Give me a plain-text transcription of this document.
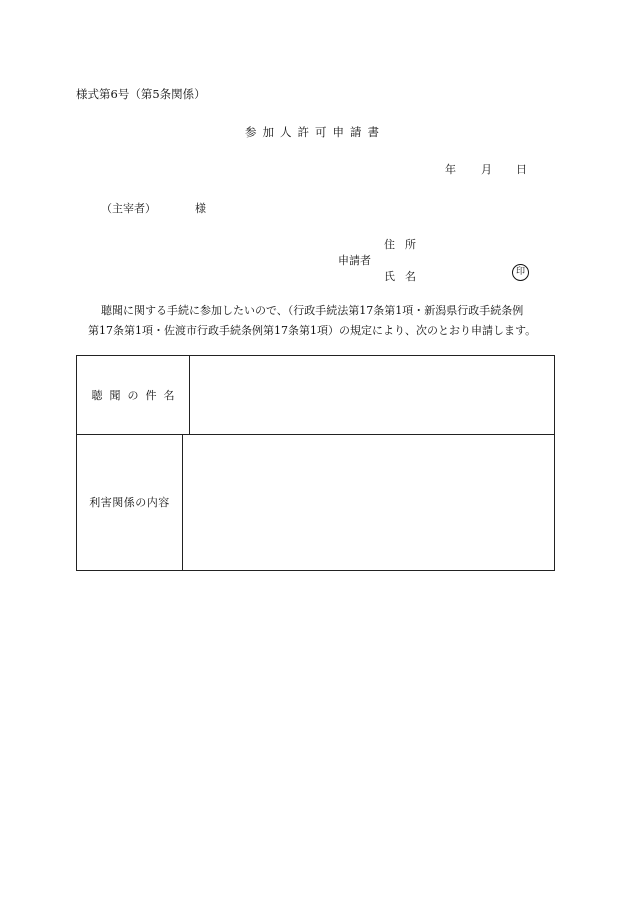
様式第6号（第5条関係）
参加人許可申請書
年 月 日
（主宰者）	様
住所
申請者
氏名	印
聴聞に関する手続に参加したいので、（行政手続法第17条第1項・新潟県行政手続条例
第17条第1項・佐渡市行政手続条例第17条第1項）の規定により、次のとおり申請します。
聴聞の件名
利害関係の内容
